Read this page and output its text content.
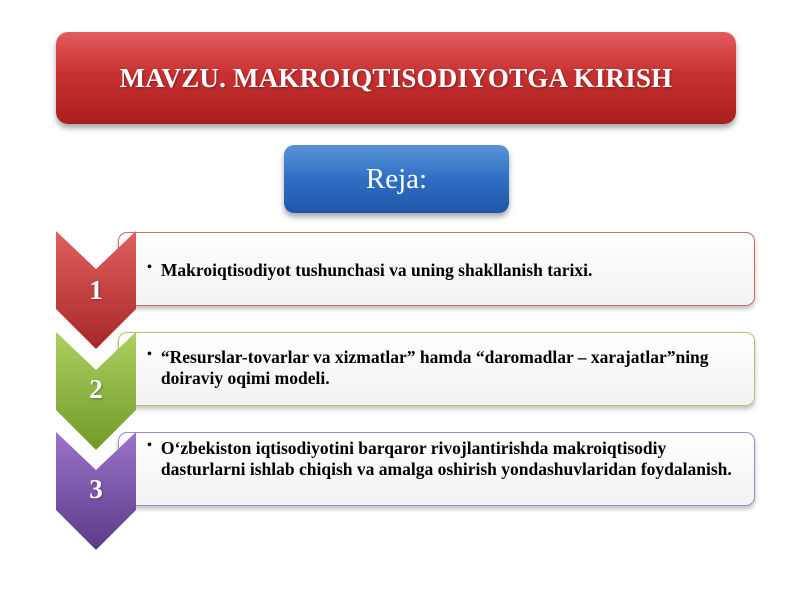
MAVZU. MAKROIQTISODIYOTGA KIRISH
Reja:
• Makroiqtisodiyot tushunchasi va uning shakllanish tarixi.
1
• “Resurslar-tovarlar va xizmatlar” hamda “daromadlar – xarajatlar”ning doiraviy oqimi modeli.
2
• O‘zbekiston iqtisodiyotini barqaror rivojlantirishda makroiqtisodiy dasturlarni ishlab chiqish va amalga oshirish yondashuvlaridan foydalanish.
3
